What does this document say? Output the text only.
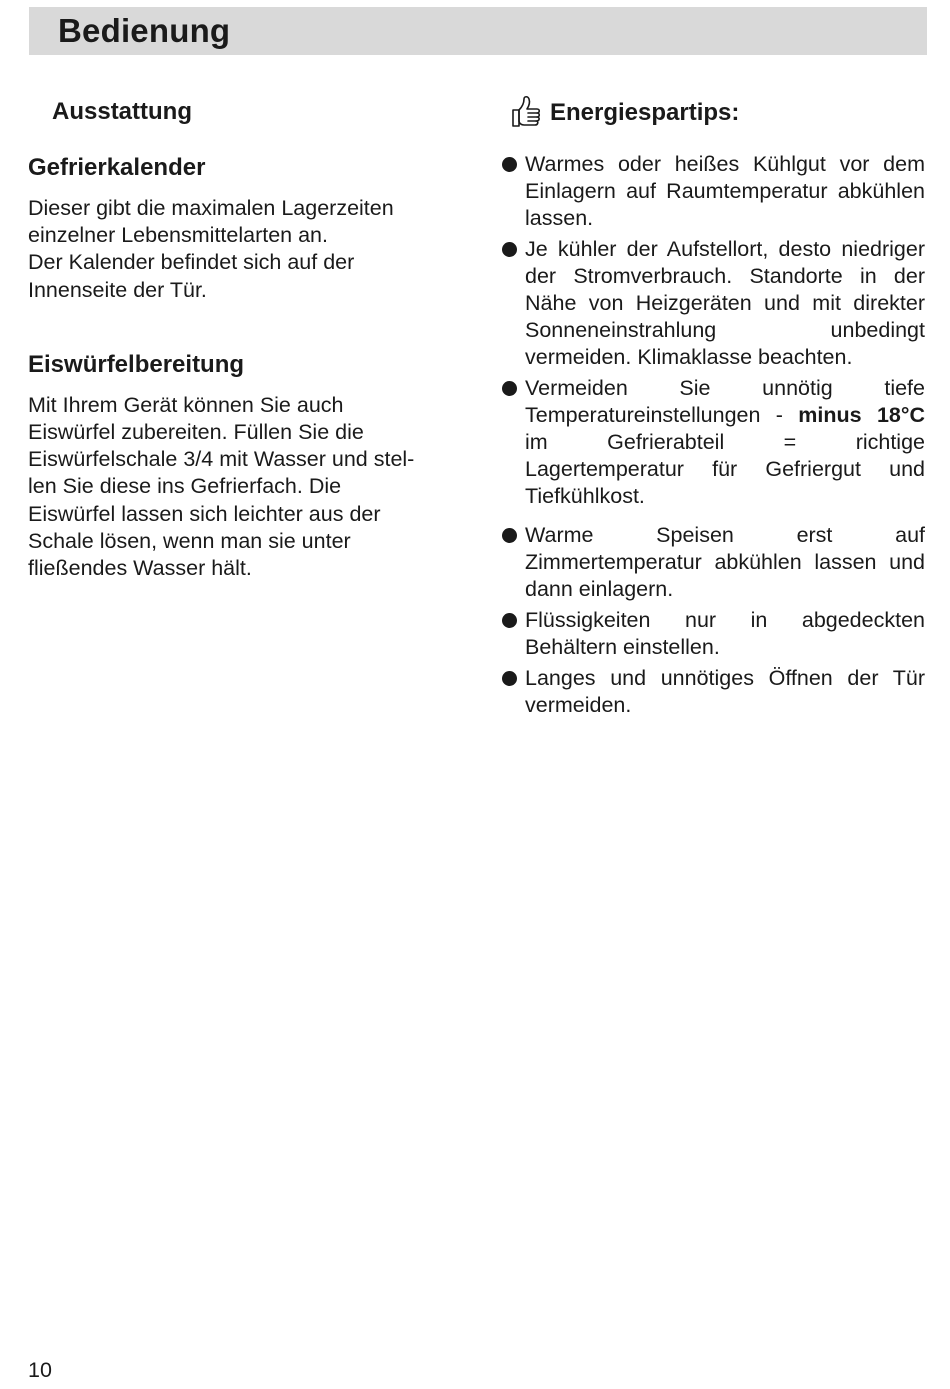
Bedienung
Ausstattung
Gefrierkalender

Dieser gibt die maximalen Lagerzeiten
einzelner Lebensmittelarten an.
Der Kalender befindet sich auf der
Innenseite der Tür.

Eiswürfelbereitung

Mit Ihrem Gerät können Sie auch
Eiswürfel zubereiten. Füllen Sie die
Eiswürfelschale 3/4 mit Wasser und stel-
len Sie diese ins Gefrierfach. Die
Eiswürfel lassen sich leichter aus der
Schale lösen, wenn man sie unter
fließendes Wasser hält.

Energiespartips:
Warmes oder heißes Kühlgut vor dem Einlagern auf Raumtemperatur abkühlen lassen.
Je kühler der Aufstellort, desto niedriger der Stromverbrauch. Standorte in der Nähe von Heizgeräten und mit direkter Sonneneinstrahlung unbedingt vermeiden. Klimaklasse beachten.
Vermeiden Sie unnötig tiefe Temperatureinstellungen - minus 18°C im Gefrierabteil = richtige Lagertemperatur für Gefriergut und Tiefkühlkost.
Warme Speisen erst auf Zimmertemperatur abkühlen lassen und dann einlagern.
Flüssigkeiten nur in abgedeckten Behältern einstellen.
Langes und unnötiges Öffnen der Tür vermeiden.
10
